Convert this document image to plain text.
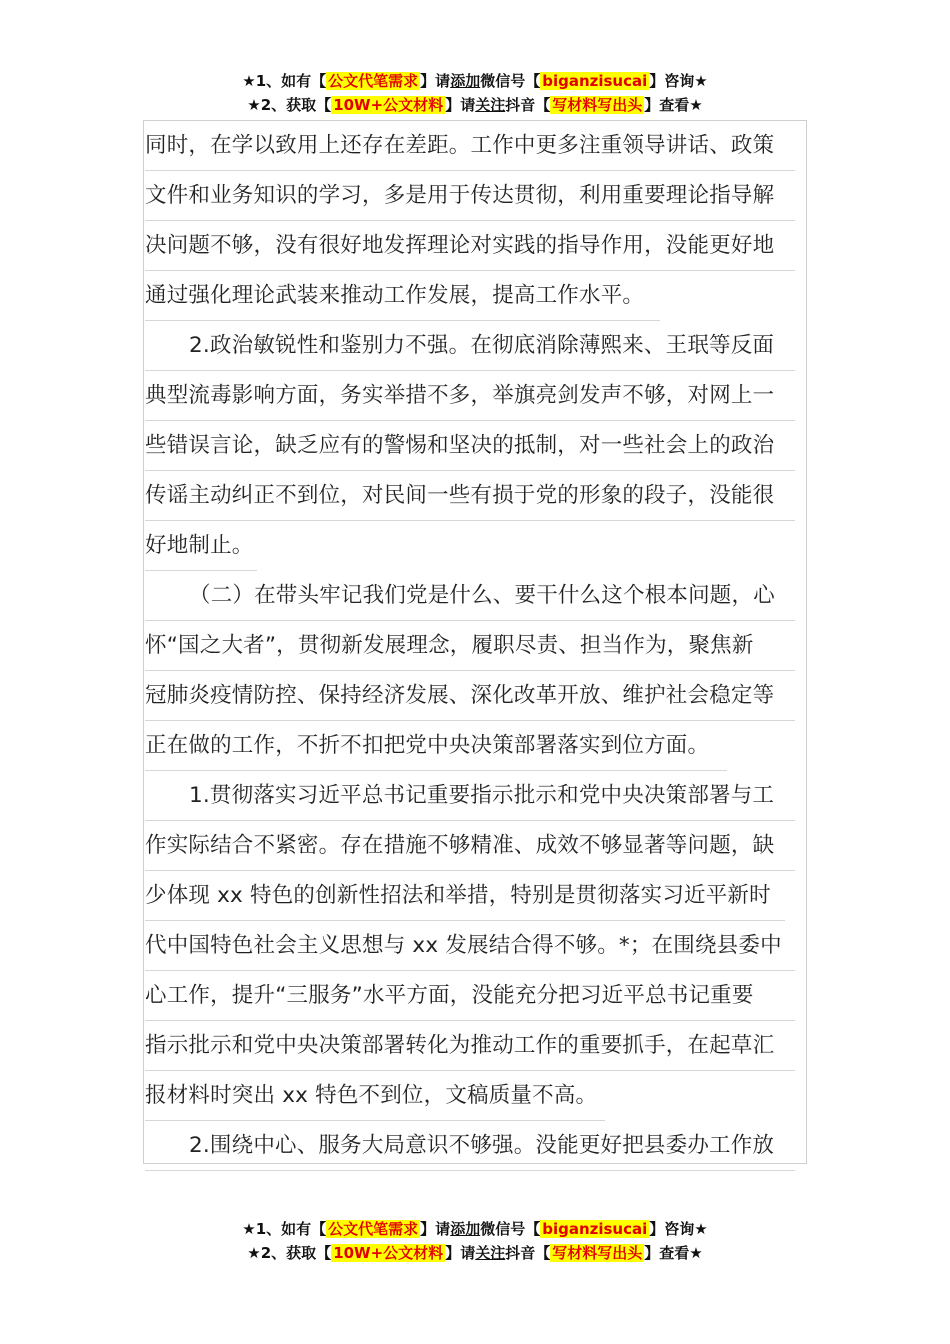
★1、如有【 公文代笔需求 】请添加微信号【 biganzisucai 】咨询★
★2、获取【 10W+公文材料 】请关注抖音【 写材料写出头 】查看★
同时，在学以致用上还存在差距。工作中更多注重领导讲话、政策
文件和业务知识的学习，多是用于传达贯彻，利用重要理论指导解
决问题不够，没有很好地发挥理论对实践的指导作用，没能更好地
通过强化理论武装来推动工作发展，提高工作水平。
2.政治敏锐性和鉴别力不强。在彻底消除薄熙来、王珉等反面
典型流毒影响方面，务实举措不多，举旗亮剑发声不够，对网上一
些错误言论，缺乏应有的警惕和坚决的抵制，对一些社会上的政治
传谣主动纠正不到位，对民间一些有损于党的形象的段子，没能很
好地制止。
（二）在带头牢记我们党是什么、要干什么这个根本问题，心
怀“国之大者”，贯彻新发展理念，履职尽责、担当作为，聚焦新
冠肺炎疫情防控、保持经济发展、深化改革开放、维护社会稳定等
正在做的工作，不折不扣把党中央决策部署落实到位方面。
1.贯彻落实习近平总书记重要指示批示和党中央决策部署与工
作实际结合不紧密。存在措施不够精准、成效不够显著等问题，缺
少体现 xx 特色的创新性招法和举措，特别是贯彻落实习近平新时
代中国特色社会主义思想与 xx 发展结合得不够。*；在围绕县委中
心工作，提升“三服务”水平方面，没能充分把习近平总书记重要
指示批示和党中央决策部署转化为推动工作的重要抓手，在起草汇
报材料时突出 xx 特色不到位，文稿质量不高。
2.围绕中心、服务大局意识不够强。没能更好把县委办工作放
★1、如有【 公文代笔需求 】请添加微信号【 biganzisucai 】咨询★
★2、获取【 10W+公文材料 】请关注抖音【 写材料写出头 】查看★
